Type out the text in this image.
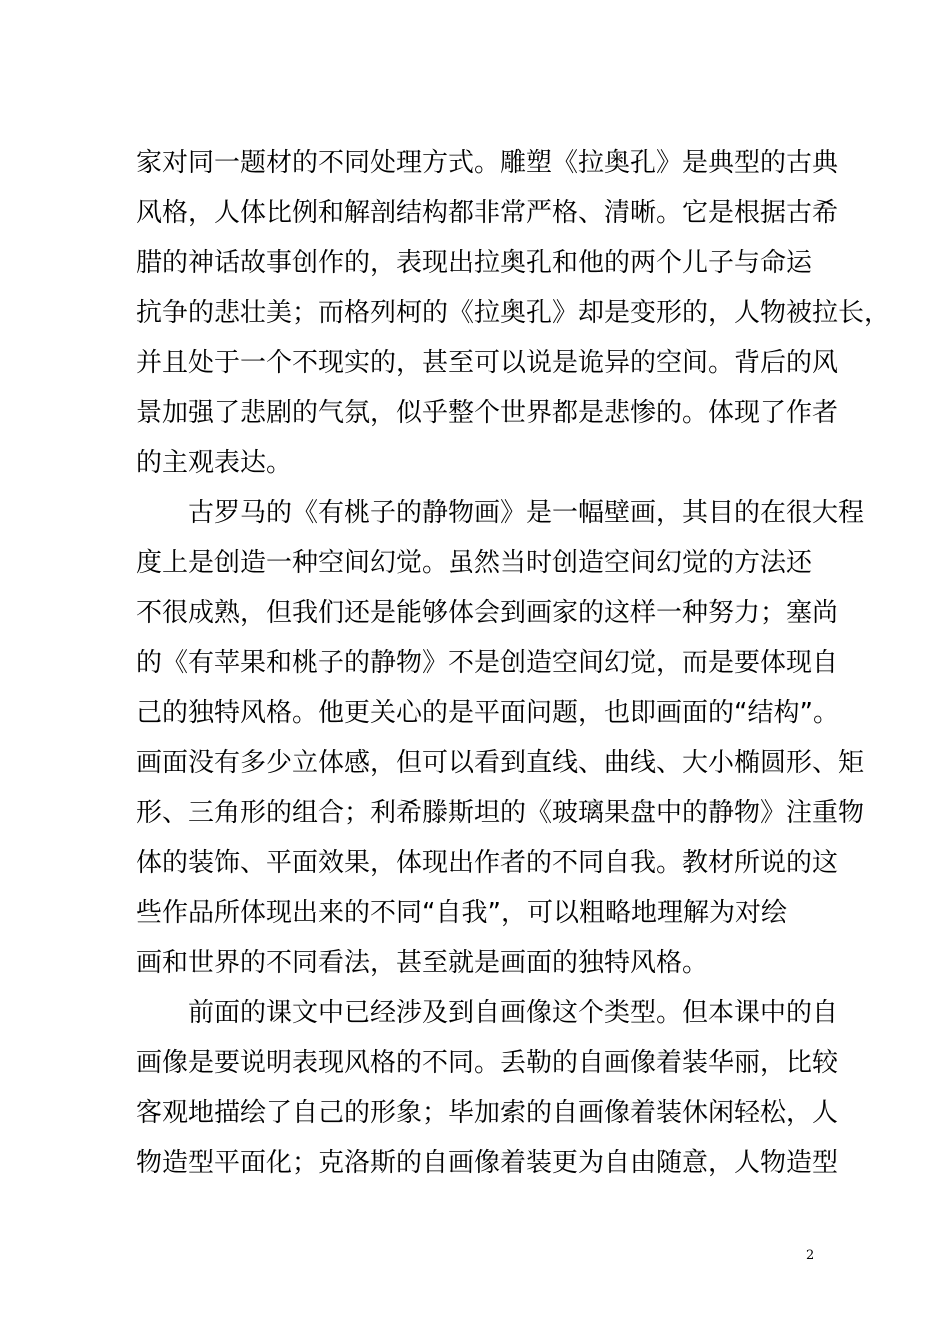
家对同一题材的不同处理方式。雕塑《拉奥孔》是典型的古典
风格，人体比例和解剖结构都非常严格、清晰。它是根据古希
腊的神话故事创作的，表现出拉奥孔和他的两个儿子与命运
抗争的悲壮美；而格列柯的《拉奥孔》却是变形的，人物被拉长，
并且处于一个不现实的，甚至可以说是诡异的空间。背后的风
景加强了悲剧的气氛，似乎整个世界都是悲惨的。体现了作者
的主观表达。
　　古罗马的《有桃子的静物画》是一幅壁画，其目的在很大程
度上是创造一种空间幻觉。虽然当时创造空间幻觉的方法还
不很成熟，但我们还是能够体会到画家的这样一种努力；塞尚
的《有苹果和桃子的静物》不是创造空间幻觉，而是要体现自
己的独特风格。他更关心的是平面问题，也即画面的“结构”。
画面没有多少立体感，但可以看到直线、曲线、大小椭圆形、矩
形、三角形的组合；利希滕斯坦的《玻璃果盘中的静物》注重物
体的装饰、平面效果，体现出作者的不同自我。教材所说的这
些作品所体现出来的不同“自我”，可以粗略地理解为对绘
画和世界的不同看法，甚至就是画面的独特风格。
　　前面的课文中已经涉及到自画像这个类型。但本课中的自
画像是要说明表现风格的不同。丢勒的自画像着装华丽，比较
客观地描绘了自己的形象；毕加索的自画像着装休闲轻松，人
物造型平面化；克洛斯的自画像着装更为自由随意，人物造型
2
